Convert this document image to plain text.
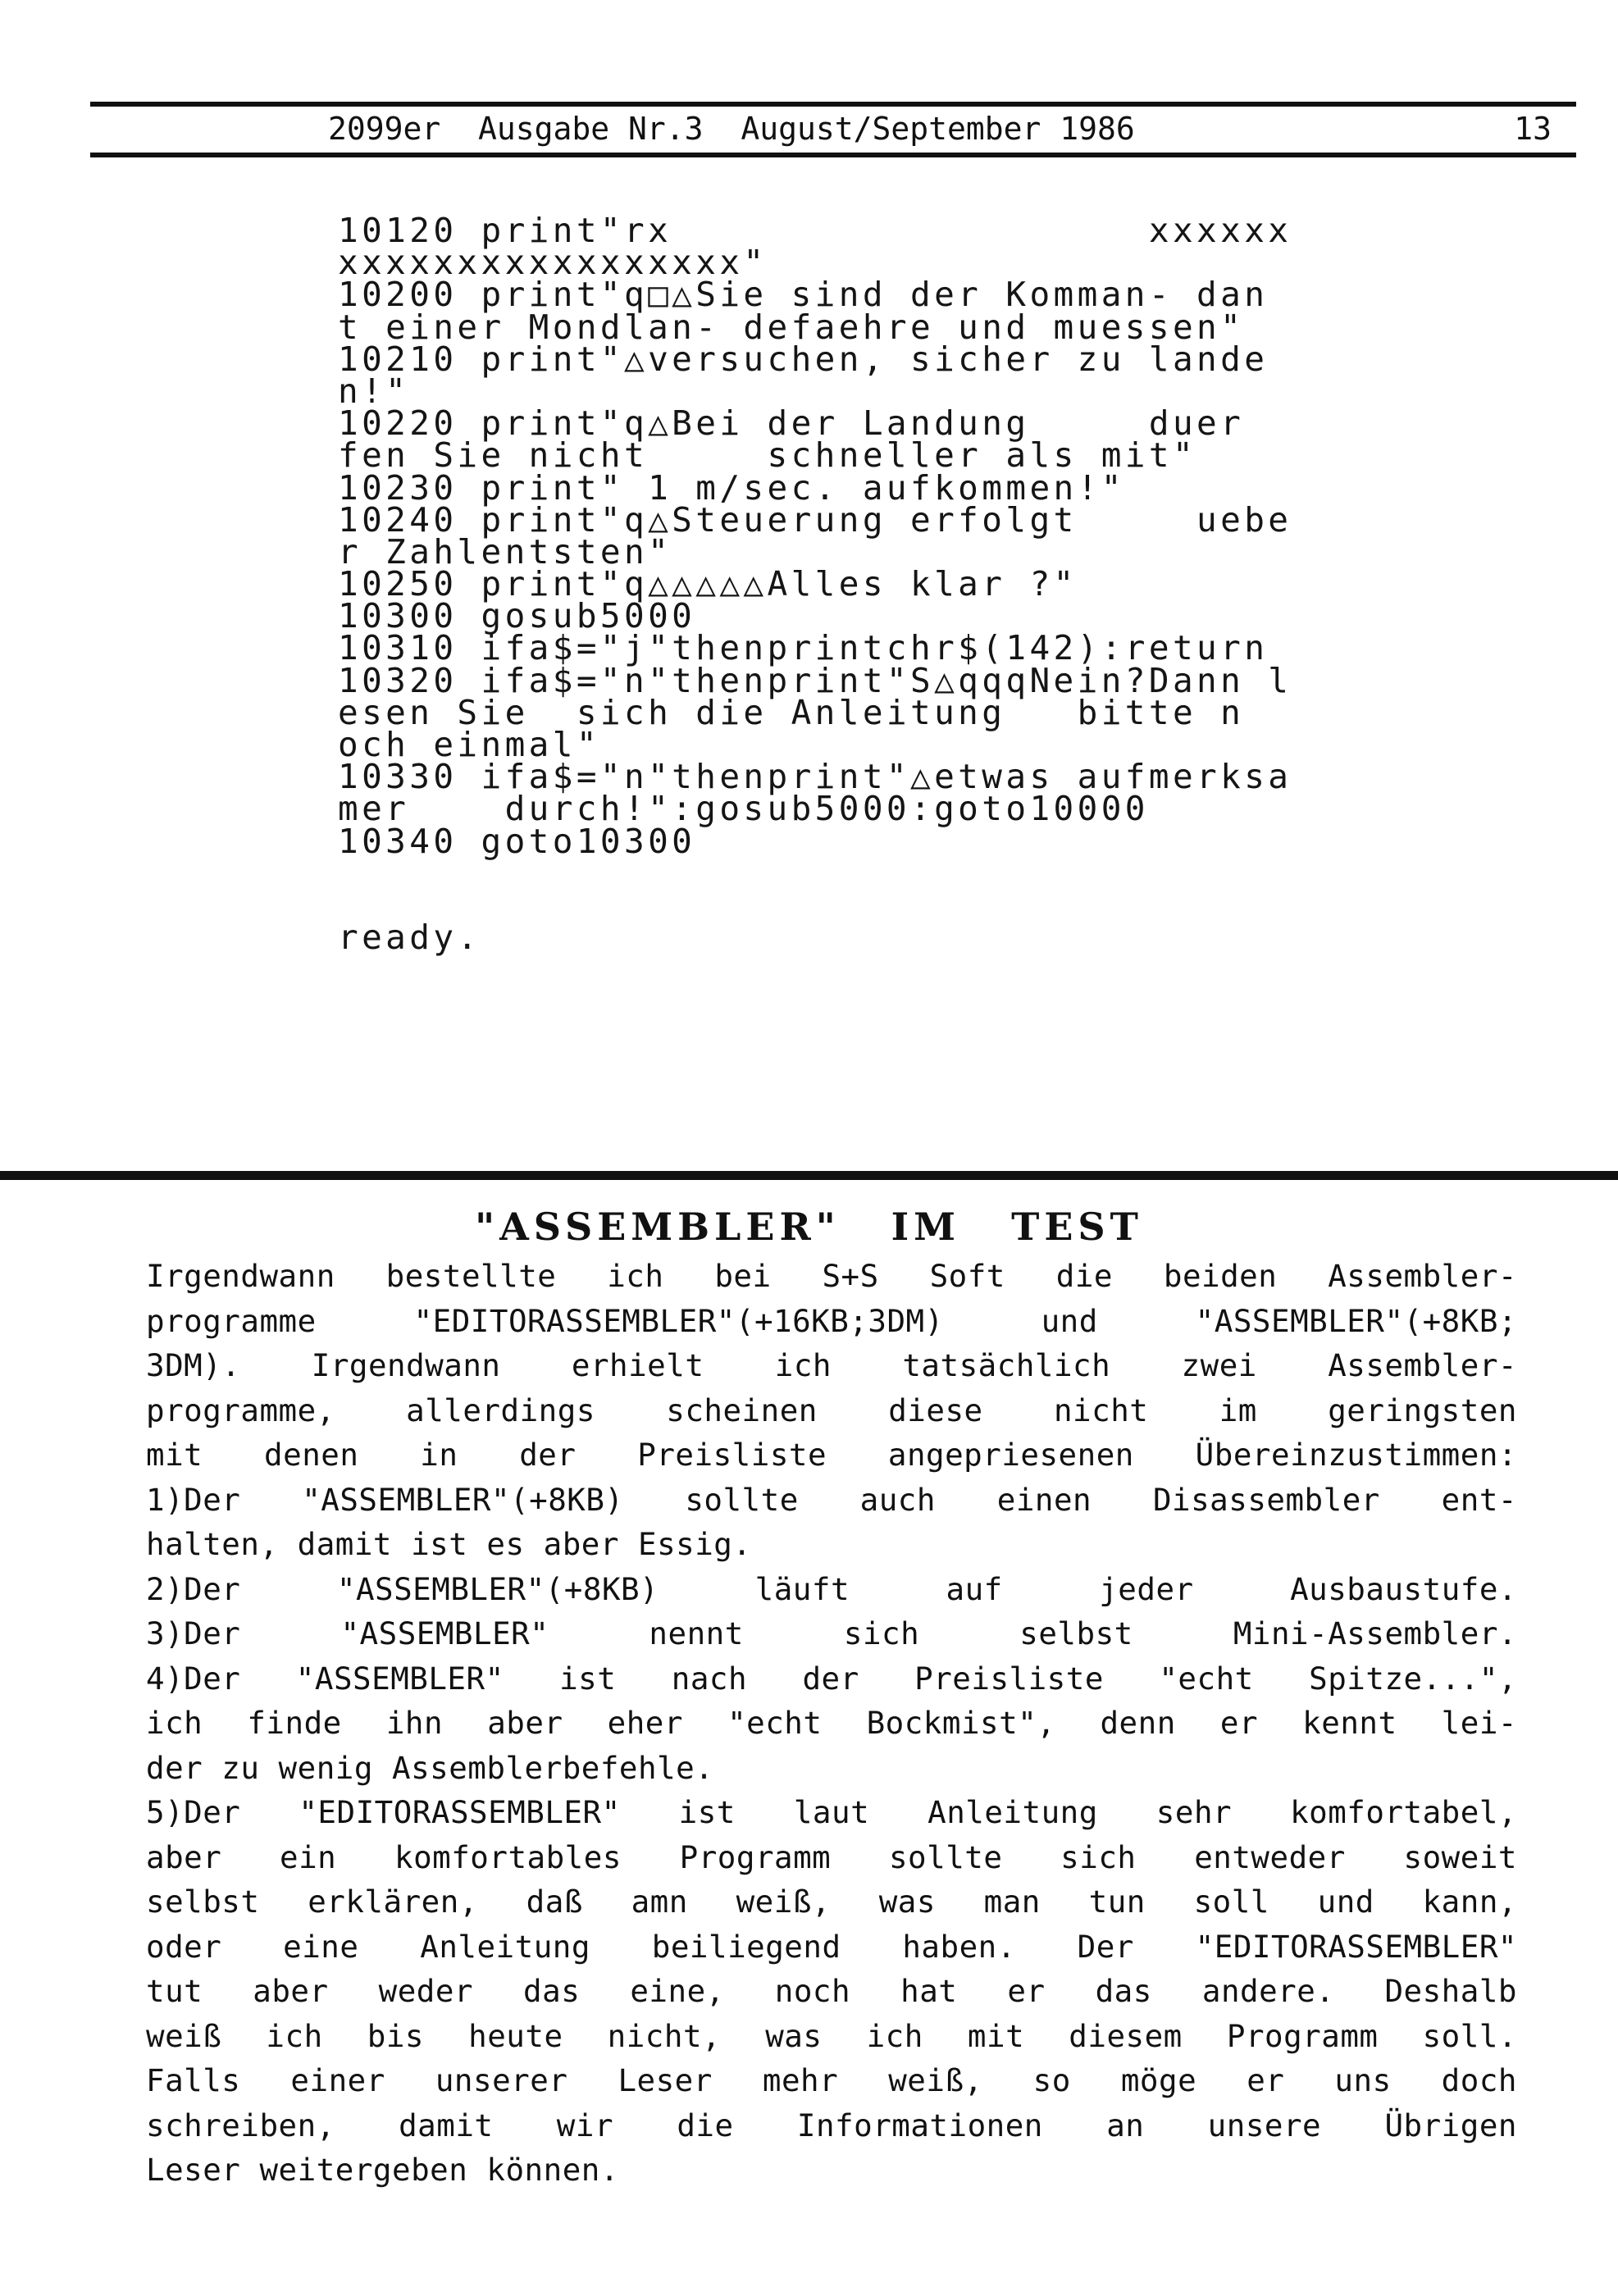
2099er  Ausgabe Nr.3  August/September 1986	13
10120 print"rx                    xxxxxx
xxxxxxxxxxxxxxxxx"
10200 print"q□△Sie sind der Komman- dan
t einer Mondlan- defaehre und muessen"
10210 print"△versuchen, sicher zu lande
n!"
10220 print"q△Bei der Landung     duer
fen Sie nicht     schneller als mit"
10230 print" 1 m/sec. aufkommen!"
10240 print"q△Steuerung erfolgt     uebe
r Zahlentsten"
10250 print"q△△△△△Alles klar ?"
10300 gosub5000
10310 ifa$="j"thenprintchr$(142):return
10320 ifa$="n"thenprint"S△qqqNein?Dann l
esen Sie  sich die Anleitung   bitte n
och einmal"
10330 ifa$="n"thenprint"△etwas aufmerksa
mer    durch!":gosub5000:goto10000
10340 goto10300
ready.
"ASSEMBLER" IM TEST
Irgendwann bestellte ich bei S+S Soft die beiden Assembler-
programme "EDITORASSEMBLER"(+16KB;3DM) und "ASSEMBLER"(+8KB;
3DM). Irgendwann erhielt ich tatsächlich zwei Assembler-
programme, allerdings scheinen diese nicht im geringsten
mit denen in der Preisliste angepriesenen Übereinzustimmen:
1)Der "ASSEMBLER"(+8KB) sollte auch einen Disassembler ent-
halten, damit ist es aber Essig.
2)Der "ASSEMBLER"(+8KB) läuft auf jeder Ausbaustufe.
3)Der "ASSEMBLER" nennt sich selbst Mini-Assembler.
4)Der "ASSEMBLER" ist nach der Preisliste "echt Spitze...",
ich finde ihn aber eher "echt Bockmist", denn er kennt lei-
der zu wenig Assemblerbefehle.
5)Der "EDITORASSEMBLER" ist laut Anleitung sehr komfortabel,
aber ein komfortables Programm sollte sich entweder soweit
selbst erklären, daß amn weiß, was man tun soll und kann,
oder eine Anleitung beiliegend haben. Der "EDITORASSEMBLER"
tut aber weder das eine, noch hat er das andere. Deshalb
weiß ich bis heute nicht, was ich mit diesem Programm soll.
Falls einer unserer Leser mehr weiß, so möge er uns doch
schreiben, damit wir die Informationen an unsere Übrigen
Leser weitergeben können.
